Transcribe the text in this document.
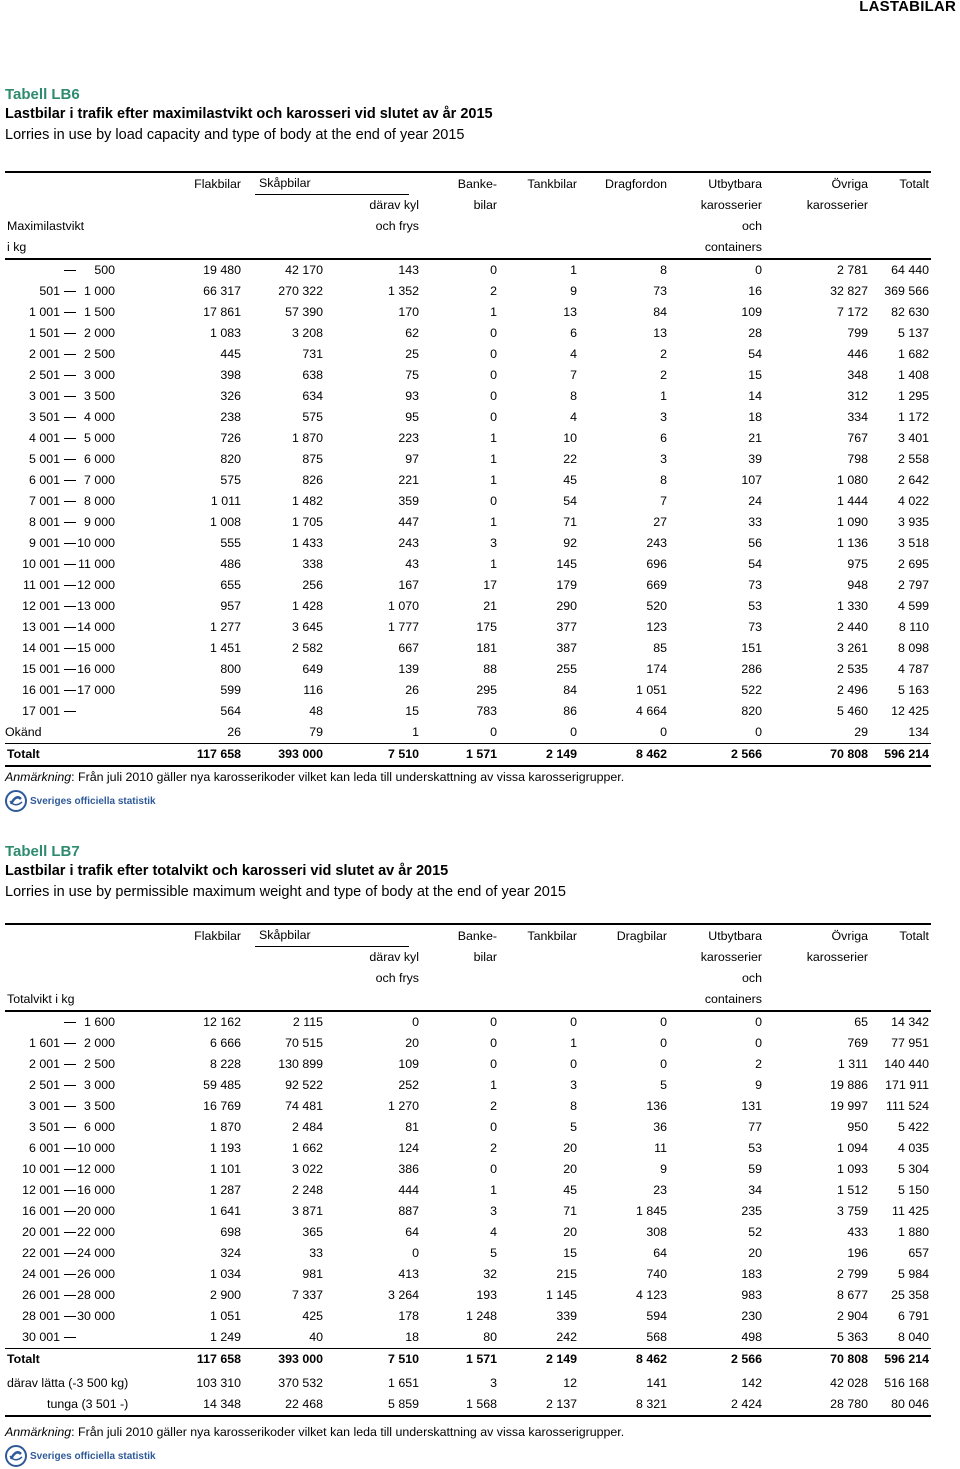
LASTABILAR

Tabell LB6

Lastbilar i trafik efter maximilastvikt och karosseri vid slutet av år 2015

Lorries in use by load capacity and type of body at the end of year 2015

	Flakbilar	Skåpbilar		Banke-	Tankbilar	Dragfordon	Utbytbara	Övriga	Totalt
			därav kyl	bilar			karosserier	karosserier	
Maximilastvikt			och frys				och		
i kg							containers		

500	19 480	42 170	143	0	1	8	0	2 781	64 440

501 1 000	66 317	270 322	1 352	2	9	73	16	32 827	369 566

1 001 1 500	17 861	57 390	170	1	13	84	109	7 172	82 630

1 501 2 000	1 083	3 208	62	0	6	13	28	799	5 137

2 001 2 500	445	731	25	0	4	2	54	446	1 682

2 501 3 000	398	638	75	0	7	2	15	348	1 408

3 001 3 500	326	634	93	0	8	1	14	312	1 295

3 501 4 000	238	575	95	0	4	3	18	334	1 172

4 001 5 000	726	1 870	223	1	10	6	21	767	3 401

5 001 6 000	820	875	97	1	22	3	39	798	2 558

6 001 7 000	575	826	221	1	45	8	107	1 080	2 642

7 001 8 000	1 011	1 482	359	0	54	7	24	1 444	4 022

8 001 9 000	1 008	1 705	447	1	71	27	33	1 090	3 935

9 001 10 000	555	1 433	243	3	92	243	56	1 136	3 518

10 001 11 000	486	338	43	1	145	696	54	975	2 695

11 001 12 000	655	256	167	17	179	669	73	948	2 797

12 001 13 000	957	1 428	1 070	21	290	520	53	1 330	4 599

13 001 14 000	1 277	3 645	1 777	175	377	123	73	2 440	8 110

14 001 15 000	1 451	2 582	667	181	387	85	151	3 261	8 098

15 001 16 000	800	649	139	88	255	174	286	2 535	4 787

16 001 17 000	599	116	26	295	84	1 051	522	2 496	5 163

17 001	564	48	15	783	86	4 664	820	5 460	12 425

Okänd	26	79	1	0	0	0	0	29	134
Totalt	117 658	393 000	7 510	1 571	2 149	8 462	2 566	70 808	596 214

Anmärkning: Från juli 2010 gäller nya karosserikoder vilket kan leda till underskattning av vissa karosserigrupper.

Sveriges officiella statistik

Tabell LB7

Lastbilar i trafik efter totalvikt och karosseri vid slutet av år 2015

Lorries in use by permissible maximum weight and type of body at the end of year 2015

	Flakbilar	Skåpbilar		Banke-	Tankbilar	Dragbilar	Utbytbara	Övriga	Totalt
			därav kyl	bilar			karosserier	karosserier	
			och frys				och		
Totalvikt i kg							containers		

1 600	12 162	2 115	0	0	0	0	0	65	14 342

1 601 2 000	6 666	70 515	20	0	1	0	0	769	77 951

2 001 2 500	8 228	130 899	109	0	0	0	2	1 311	140 440

2 501 3 000	59 485	92 522	252	1	3	5	9	19 886	171 911

3 001 3 500	16 769	74 481	1 270	2	8	136	131	19 997	111 524

3 501 6 000	1 870	2 484	81	0	5	36	77	950	5 422

6 001 10 000	1 193	1 662	124	2	20	11	53	1 094	4 035

10 001 12 000	1 101	3 022	386	0	20	9	59	1 093	5 304

12 001 16 000	1 287	2 248	444	1	45	23	34	1 512	5 150

16 001 20 000	1 641	3 871	887	3	71	1 845	235	3 759	11 425

20 001 22 000	698	365	64	4	20	308	52	433	1 880

22 001 24 000	324	33	0	5	15	64	20	196	657

24 001 26 000	1 034	981	413	32	215	740	183	2 799	5 984

26 001 28 000	2 900	7 337	3 264	193	1 145	4 123	983	8 677	25 358

28 001 30 000	1 051	425	178	1 248	339	594	230	2 904	6 791

30 001	1 249	40	18	80	242	568	498	5 363	8 040
Totalt	117 658	393 000	7 510	1 571	2 149	8 462	2 566	70 808	596 214

därav lätta (-3 500 kg)	103 310	370 532	1 651	3	12	141	142	42 028	516 168
tunga (3 501 -)	14 348	22 468	5 859	1 568	2 137	8 321	2 424	28 780	80 046

Anmärkning: Från juli 2010 gäller nya karosserikoder vilket kan leda till underskattning av vissa karosserigrupper.

Sveriges officiella statistik
